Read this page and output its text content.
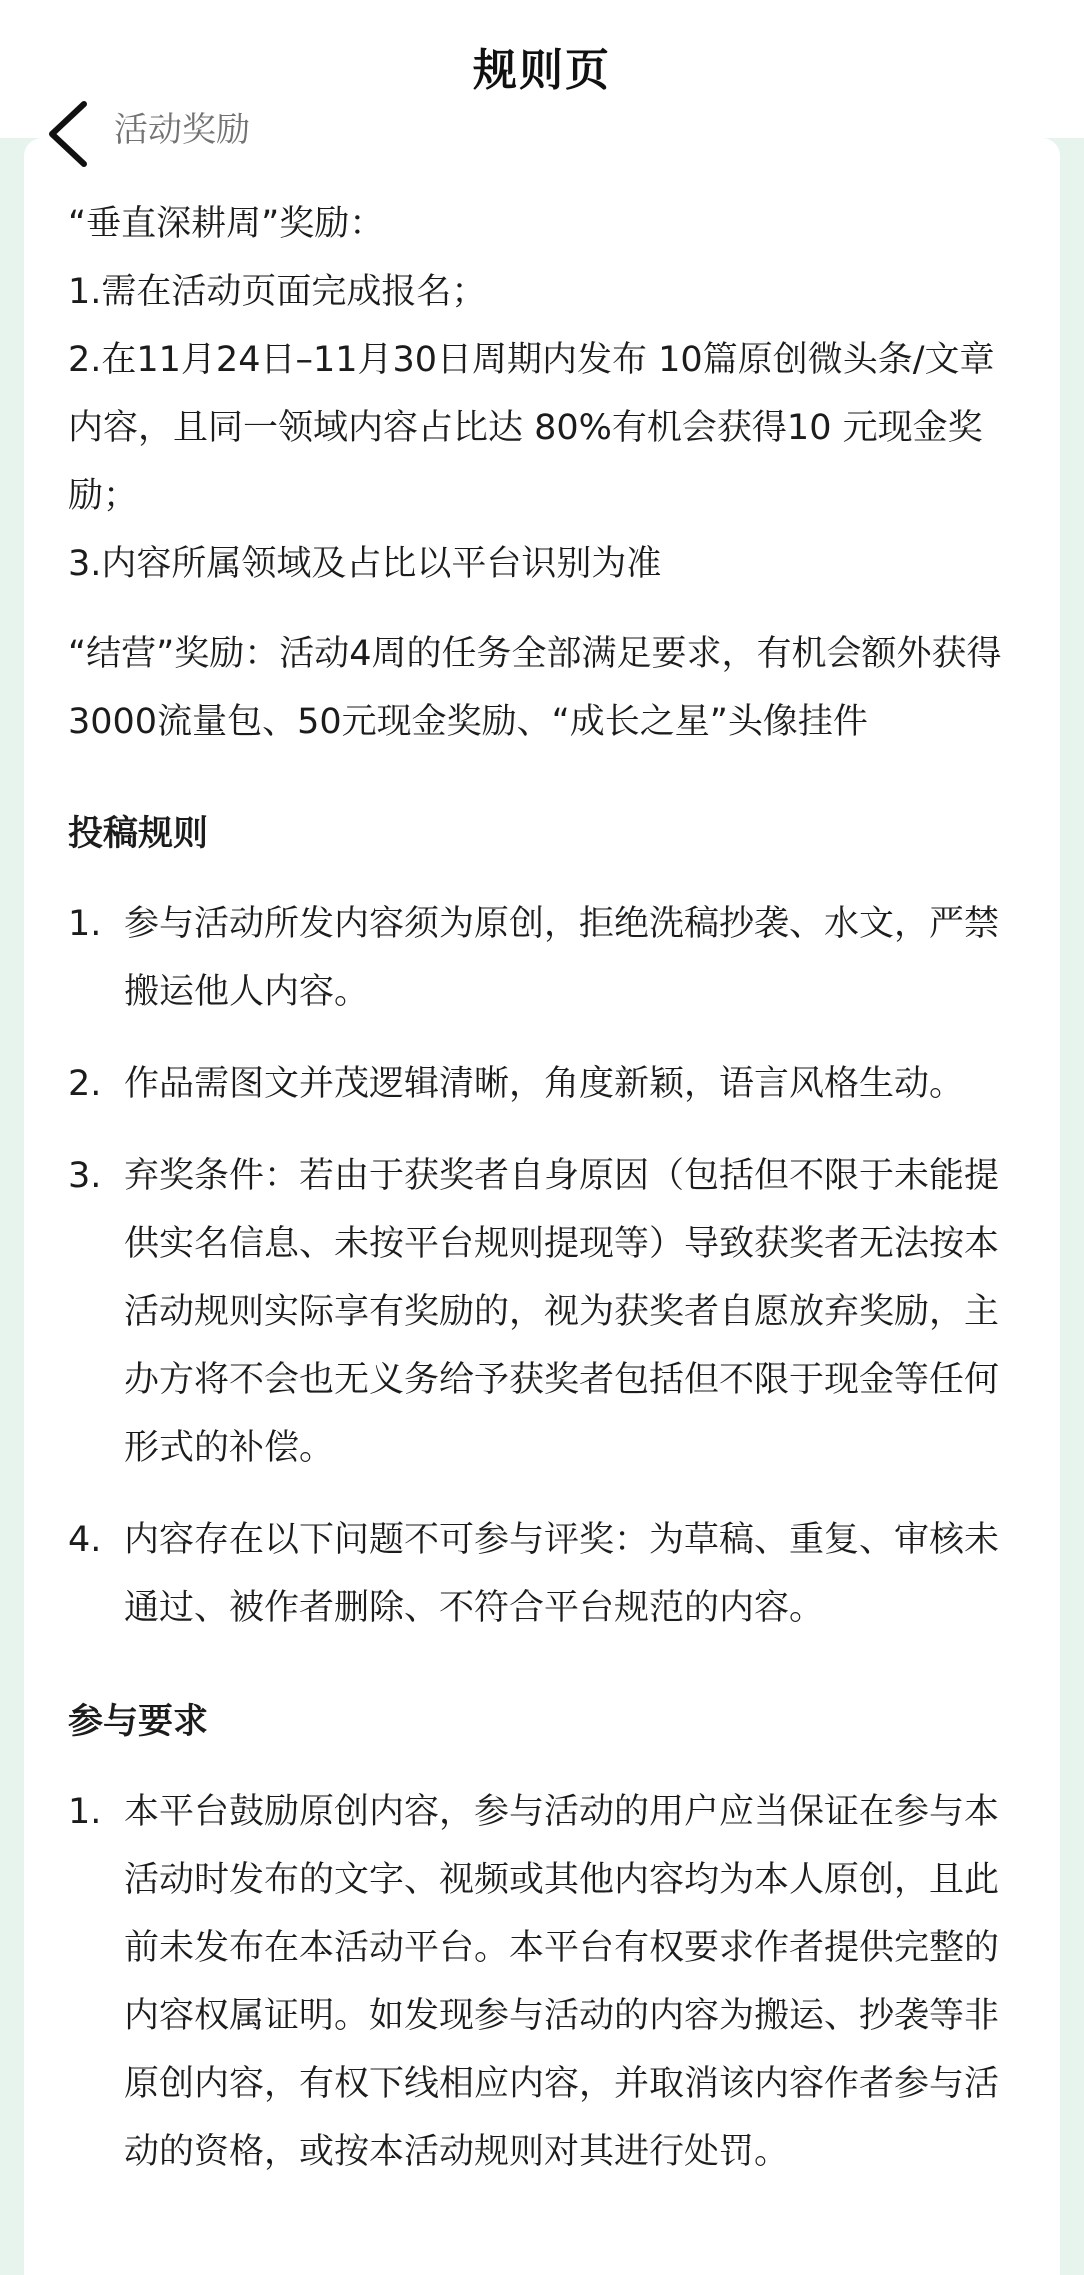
规则页
活动奖励

“垂直深耕周”奖励：

1.需在活动页面完成报名；

2.在11月24日–11月30日周期内发布 10篇原创微头条/文章内容，且同一领域内容占比达 80%有机会获得10 元现金奖励；

3.内容所属领域及占比以平台识别为准

“结营”奖励：活动4周的任务全部满足要求，有机会额外获得3000流量包、50元现金奖励、“成长之星”头像挂件

投稿规则

1. 参与活动所发内容须为原创，拒绝洗稿抄袭、水文，严禁搬运他人内容。
2. 作品需图文并茂逻辑清晰，角度新颖，语言风格生动。
3. 弃奖条件：若由于获奖者自身原因（包括但不限于未能提供实名信息、未按平台规则提现等）导致获奖者无法按本活动规则实际享有奖励的，视为获奖者自愿放弃奖励，主办方将不会也无义务给予获奖者包括但不限于现金等任何形式的补偿。
4. 内容存在以下问题不可参与评奖：为草稿、重复、审核未通过、被作者删除、不符合平台规范的内容。

参与要求

1. 本平台鼓励原创内容，参与活动的用户应当保证在参与本活动时发布的文字、视频或其他内容均为本人原创，且此前未发布在本活动平台。本平台有权要求作者提供完整的内容权属证明。如发现参与活动的内容为搬运、抄袭等非原创内容，有权下线相应内容，并取消该内容作者参与活动的资格，或按本活动规则对其进行处罚。
